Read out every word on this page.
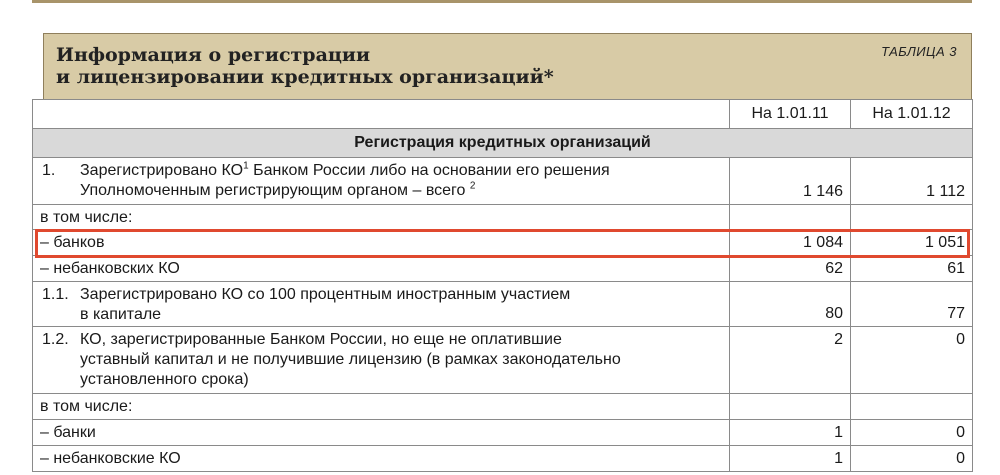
Информация о регистрации
и лицензировании кредитных организаций*
ТАБЛИЦА 3
	На 1.01.11	На 1.01.12
Регистрация кредитных организаций		

1. Зарегистрировано $КО^1$ Банком России либо на основании его решения
Уполномоченным регистрирующим органом – всего $^2$	1 146	1 112
в том числе:		
– банков	1 084	1 051
– небанковских КО	62	61

1.1. Зарегистрировано КО со 100 процентным иностранным участием
в капитале	80	77

1.2. КО, зарегистрированные Банком России, но еще не оплатившие
уставный капитал и не получившие лицензию (в рамках законодательно
установленного срока)	2	0
в том числе:		
– банки	1	0
– небанковские КО	1	0
